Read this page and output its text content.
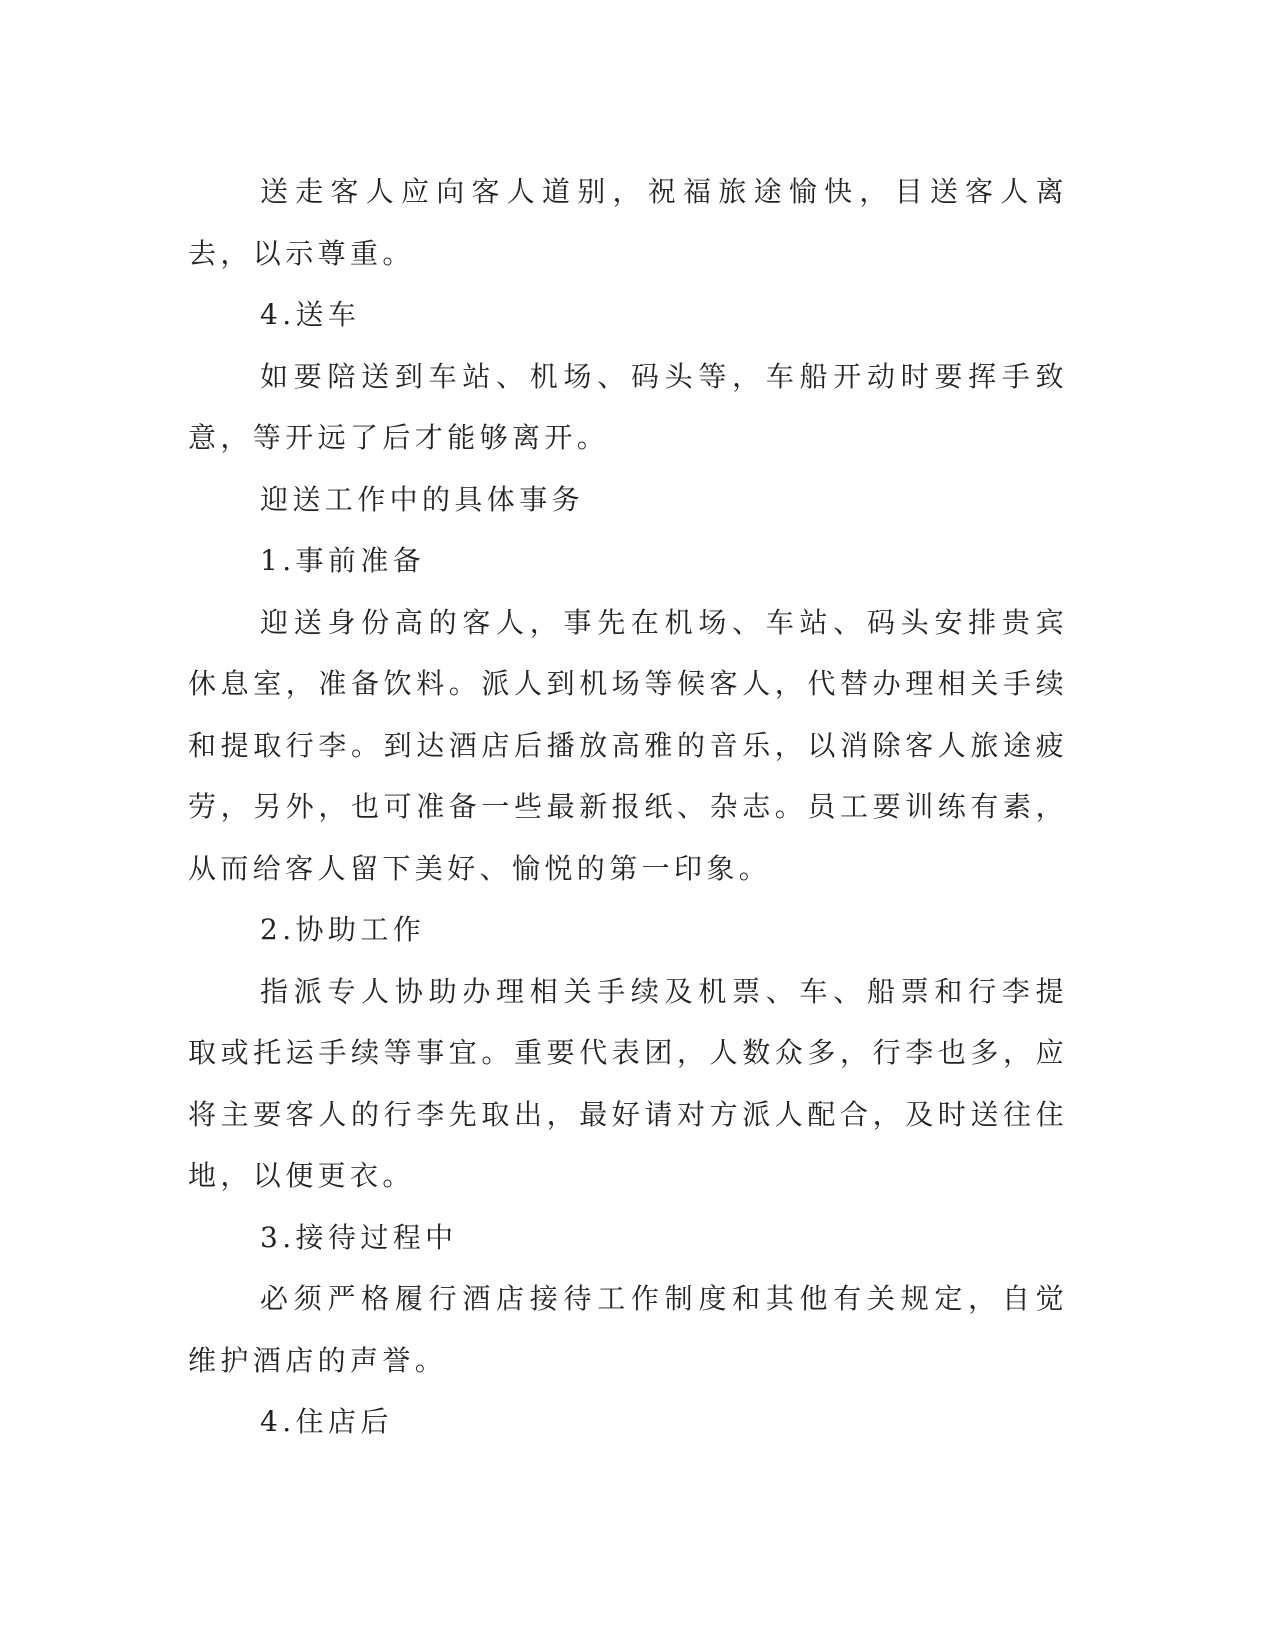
送走客人应向客人道别，祝福旅途愉快，目送客人离去，以示尊重。

4.送车

如要陪送到车站、机场、码头等，车船开动时要挥手致意，等开远了后才能够离开。

迎送工作中的具体事务

1.事前准备

迎送身份高的客人，事先在机场、车站、码头安排贵宾休息室，准备饮料。派人到机场等候客人，代替办理相关手续和提取行李。到达酒店后播放高雅的音乐，以消除客人旅途疲劳，另外，也可准备一些最新报纸、杂志。员工要训练有素，从而给客人留下美好、愉悦的第一印象。

2.协助工作

指派专人协助办理相关手续及机票、车、船票和行李提取或托运手续等事宜。重要代表团，人数众多，行李也多，应将主要客人的行李先取出，最好请对方派人配合，及时送往住地，以便更衣。

3.接待过程中

必须严格履行酒店接待工作制度和其他有关规定，自觉维护酒店的声誉。

4.住店后
